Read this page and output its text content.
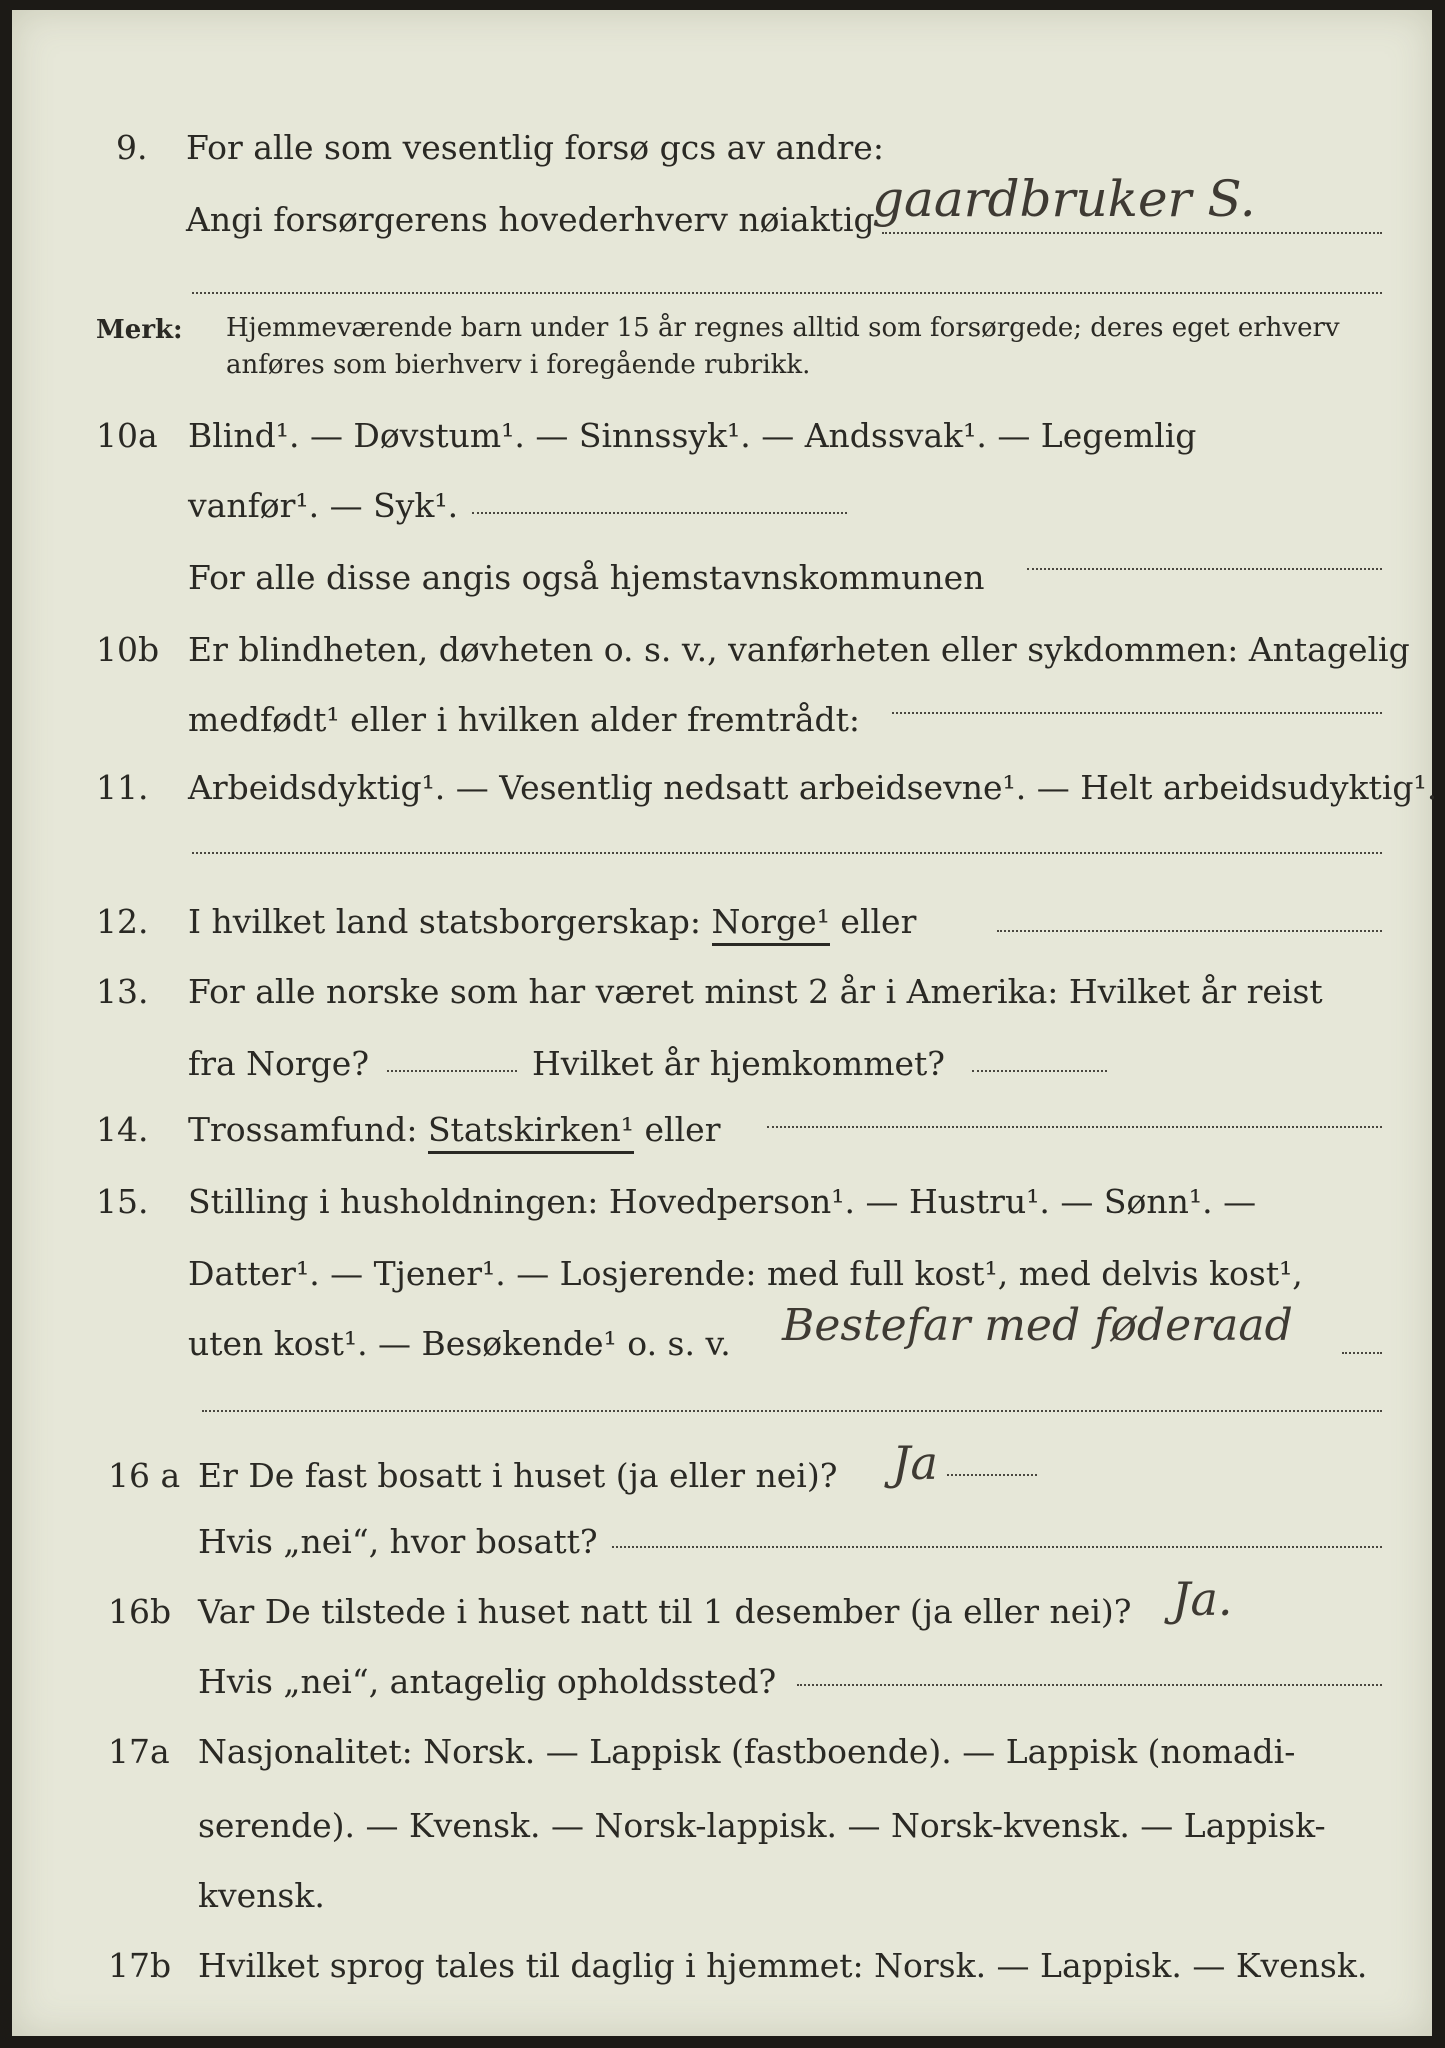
9. For alle som vesentlig forsø gcs av andre:
Angi forsørgerens hovederhverv nøiaktig
gaardbruker S.
Merk: Hjemmeværende barn under 15 år regnes alltid som forsørgede; deres eget erhverv
anføres som bierhverv i foregående rubrikk.
10a Blind¹. — Døvstum¹. — Sinnssyk¹. — Andssvak¹. — Legemlig
vanfør¹. — Syk¹.
For alle disse angis også hjemstavnskommunen
10b Er blindheten, døvheten o. s. v., vanførheten eller sykdommen: Antagelig
medfødt¹ eller i hvilken alder fremtrådt:
11. Arbeidsdyktig¹. — Vesentlig nedsatt arbeidsevne¹. — Helt arbeidsudyktig¹.
12. I hvilket land statsborgerskap: Norge¹ eller
13. For alle norske som har været minst 2 år i Amerika: Hvilket år reist
fra Norge?	Hvilket år hjemkommet?
14. Trossamfund: Statskirken¹ eller
15. Stilling i husholdningen: Hovedperson¹. — Hustru¹. — Sønn¹. —
Datter¹. — Tjener¹. — Losjerende: med full kost¹, med delvis kost¹,
uten kost¹. — Besøkende¹ o. s. v. Bestefar med føderaad
16 a Er De fast bosatt i huset (ja eller nei)? Ja
Hvis „nei“, hvor bosatt?
16b Var De tilstede i huset natt til 1 desember (ja eller nei)? Ja.
Hvis „nei“, antagelig opholdssted?
17a Nasjonalitet: Norsk. — Lappisk (fastboende). — Lappisk (nomadi-
serende). — Kvensk. — Norsk-lappisk. — Norsk-kvensk. — Lappisk-
kvensk.
17b Hvilket sprog tales til daglig i hjemmet: Norsk. — Lappisk. — Kvensk.
